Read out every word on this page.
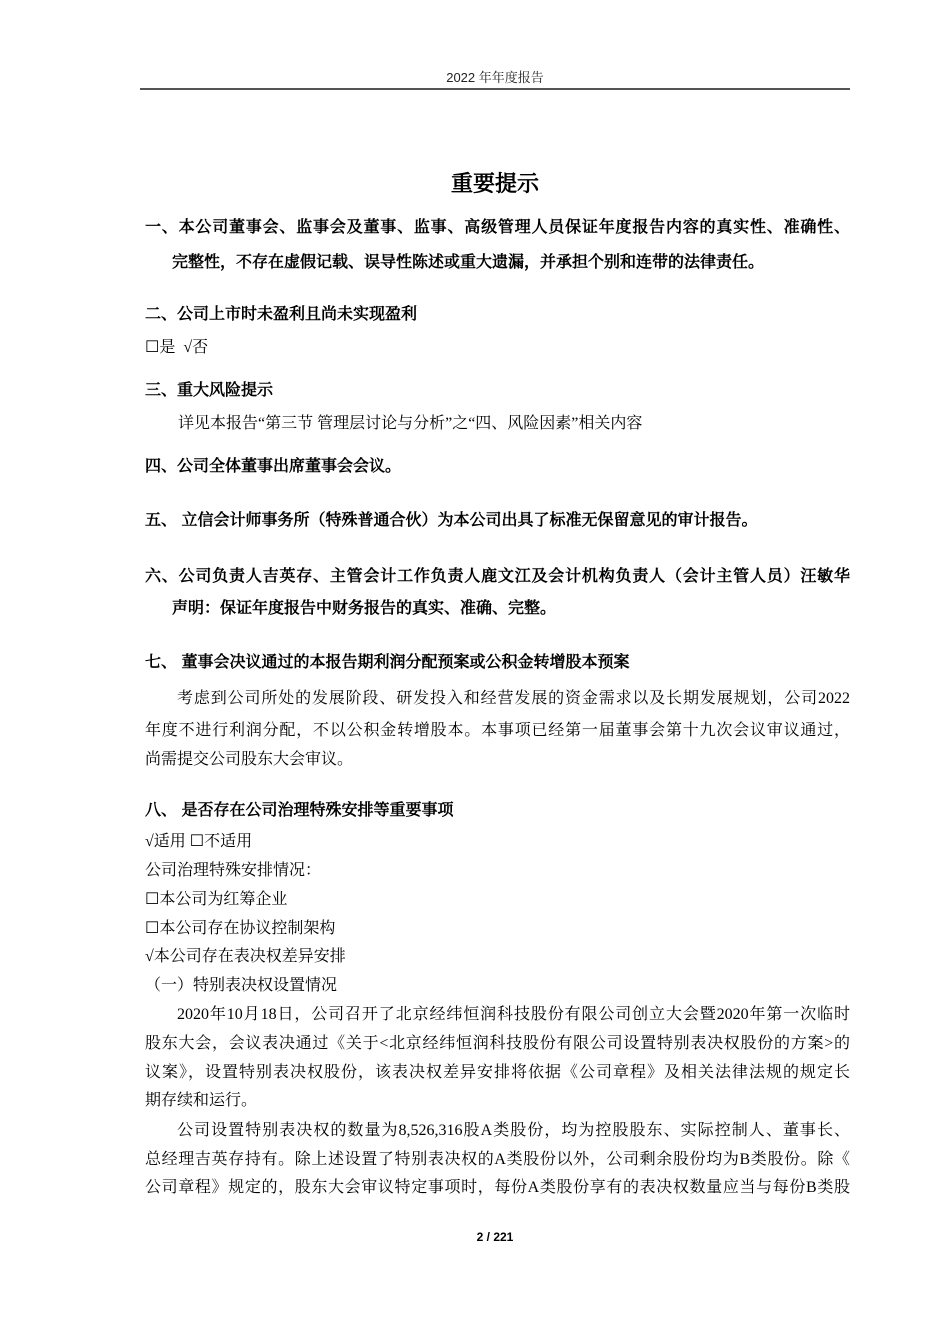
2022 年年度报告
重要提示
一、本公司董事会、监事会及董事、监事、高级管理人员保证年度报告内容的真实性、准确性、
完整性，不存在虚假记载、误导性陈述或重大遗漏，并承担个别和连带的法律责任。
二、公司上市时未盈利且尚未实现盈利
☐是  √否
三、重大风险提示
详见本报告“第三节 管理层讨论与分析”之“四、风险因素”相关内容
四、公司全体董事出席董事会会议。
五、 立信会计师事务所（特殊普通合伙）为本公司出具了标准无保留意见的审计报告。
六、公司负责人吉英存、主管会计工作负责人鹿文江及会计机构负责人（会计主管人员）汪敏华
声明：保证年度报告中财务报告的真实、准确、完整。
七、 董事会决议通过的本报告期利润分配预案或公积金转增股本预案
考虑到公司所处的发展阶段、研发投入和经营发展的资金需求以及长期发展规划，公司2022
年度不进行利润分配，不以公积金转增股本。本事项已经第一届董事会第十九次会议审议通过，
尚需提交公司股东大会审议。
八、 是否存在公司治理特殊安排等重要事项
√适用 ☐不适用
公司治理特殊安排情况：
☐本公司为红筹企业
☐本公司存在协议控制架构
√本公司存在表决权差异安排
（一）特别表决权设置情况
2020年10月18日，公司召开了北京经纬恒润科技股份有限公司创立大会暨2020年第一次临时
股东大会，会议表决通过《关于<北京经纬恒润科技股份有限公司设置特别表决权股份的方案>的
议案》，设置特别表决权股份，该表决权差异安排将依据《公司章程》及相关法律法规的规定长
期存续和运行。
公司设置特别表决权的数量为8,526,316股A类股份，均为控股股东、实际控制人、董事长、
总经理吉英存持有。除上述设置了特别表决权的A类股份以外，公司剩余股份均为B类股份。除《
公司章程》规定的，股东大会审议特定事项时，每份A类股份享有的表决权数量应当与每份B类股
2 / 221
